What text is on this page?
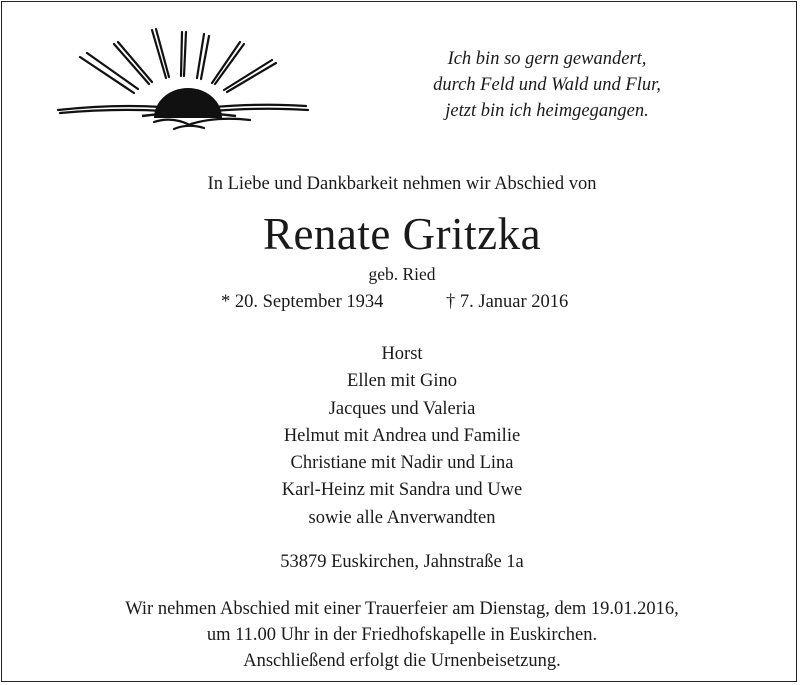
Ich bin so gern gewandert,
durch Feld und Wald und Flur,
jetzt bin ich heimgegangen.
In Liebe und Dankbarkeit nehmen wir Abschied von
Renate Gritzka
geb. Ried
* 20. September 1934	† 7. Januar 2016
Horst
Ellen mit Gino
Jacques und Valeria
Helmut mit Andrea und Familie
Christiane mit Nadir und Lina
Karl-Heinz mit Sandra und Uwe
sowie alle Anverwandten
53879 Euskirchen, Jahnstraße 1a
Wir nehmen Abschied mit einer Trauerfeier am Dienstag, dem 19.01.2016,
um 11.00 Uhr in der Friedhofskapelle in Euskirchen.
Anschließend erfolgt die Urnenbeisetzung.
